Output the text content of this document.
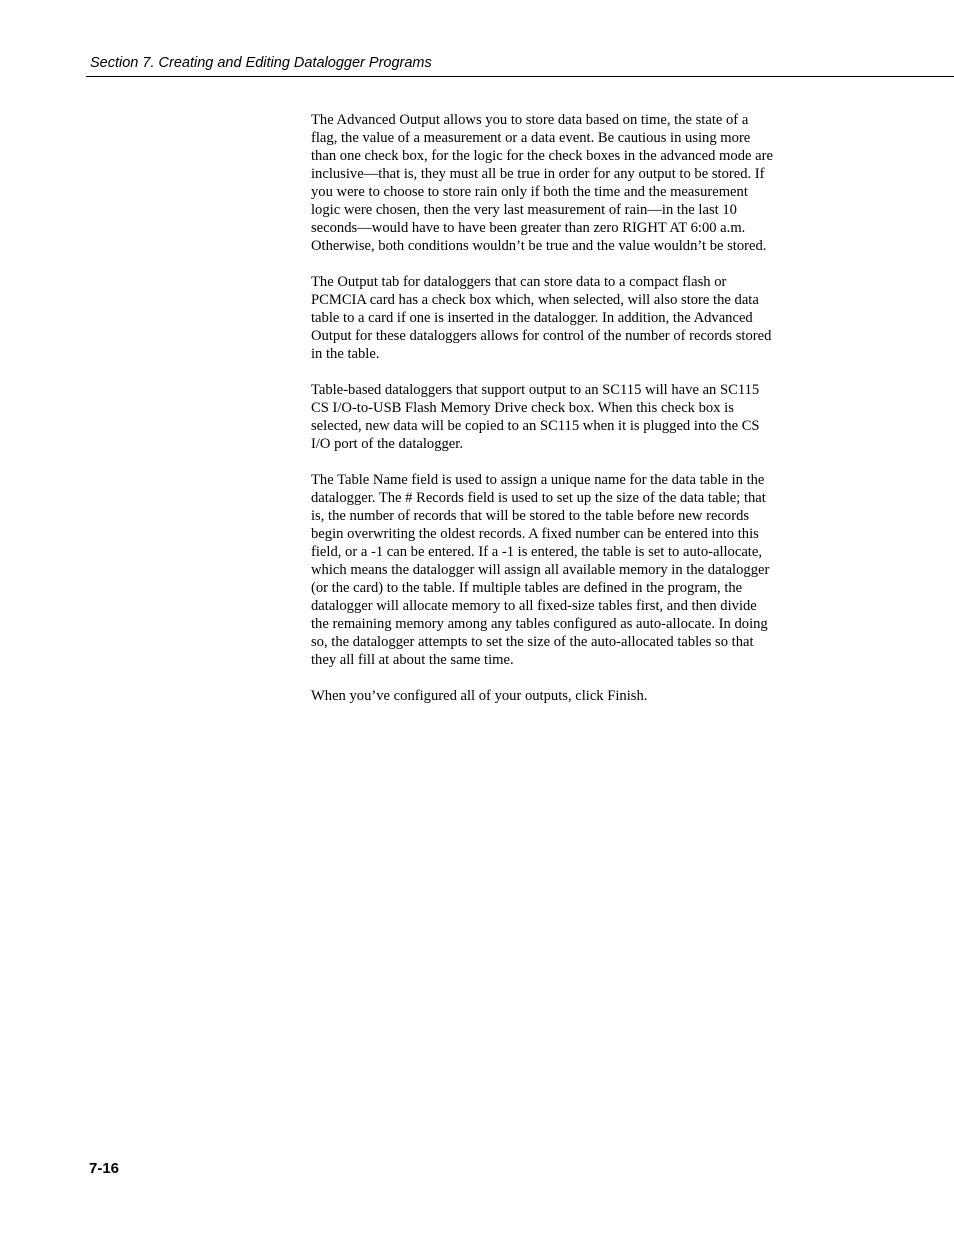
Section 7. Creating and Editing Datalogger Programs

The Advanced Output allows you to store data based on time, the state of a
flag, the value of a measurement or a data event. Be cautious in using more
than one check box, for the logic for the check boxes in the advanced mode are
inclusive—that is, they must all be true in order for any output to be stored. If
you were to choose to store rain only if both the time and the measurement
logic were chosen, then the very last measurement of rain—in the last 10
seconds—would have to have been greater than zero RIGHT AT 6:00 a.m.
Otherwise, both conditions wouldn’t be true and the value wouldn’t be stored.

The Output tab for dataloggers that can store data to a compact flash or
PCMCIA card has a check box which, when selected, will also store the data
table to a card if one is inserted in the datalogger. In addition, the Advanced
Output for these dataloggers allows for control of the number of records stored
in the table.

Table-based dataloggers that support output to an SC115 will have an SC115
CS I/O-to-USB Flash Memory Drive check box. When this check box is
selected, new data will be copied to an SC115 when it is plugged into the CS
I/O port of the datalogger.

The Table Name field is used to assign a unique name for the data table in the
datalogger. The # Records field is used to set up the size of the data table; that
is, the number of records that will be stored to the table before new records
begin overwriting the oldest records. A fixed number can be entered into this
field, or a -1 can be entered. If a -1 is entered, the table is set to auto-allocate,
which means the datalogger will assign all available memory in the datalogger
(or the card) to the table. If multiple tables are defined in the program, the
datalogger will allocate memory to all fixed-size tables first, and then divide
the remaining memory among any tables configured as auto-allocate. In doing
so, the datalogger attempts to set the size of the auto-allocated tables so that
they all fill at about the same time.

When you’ve configured all of your outputs, click Finish.

7-16
